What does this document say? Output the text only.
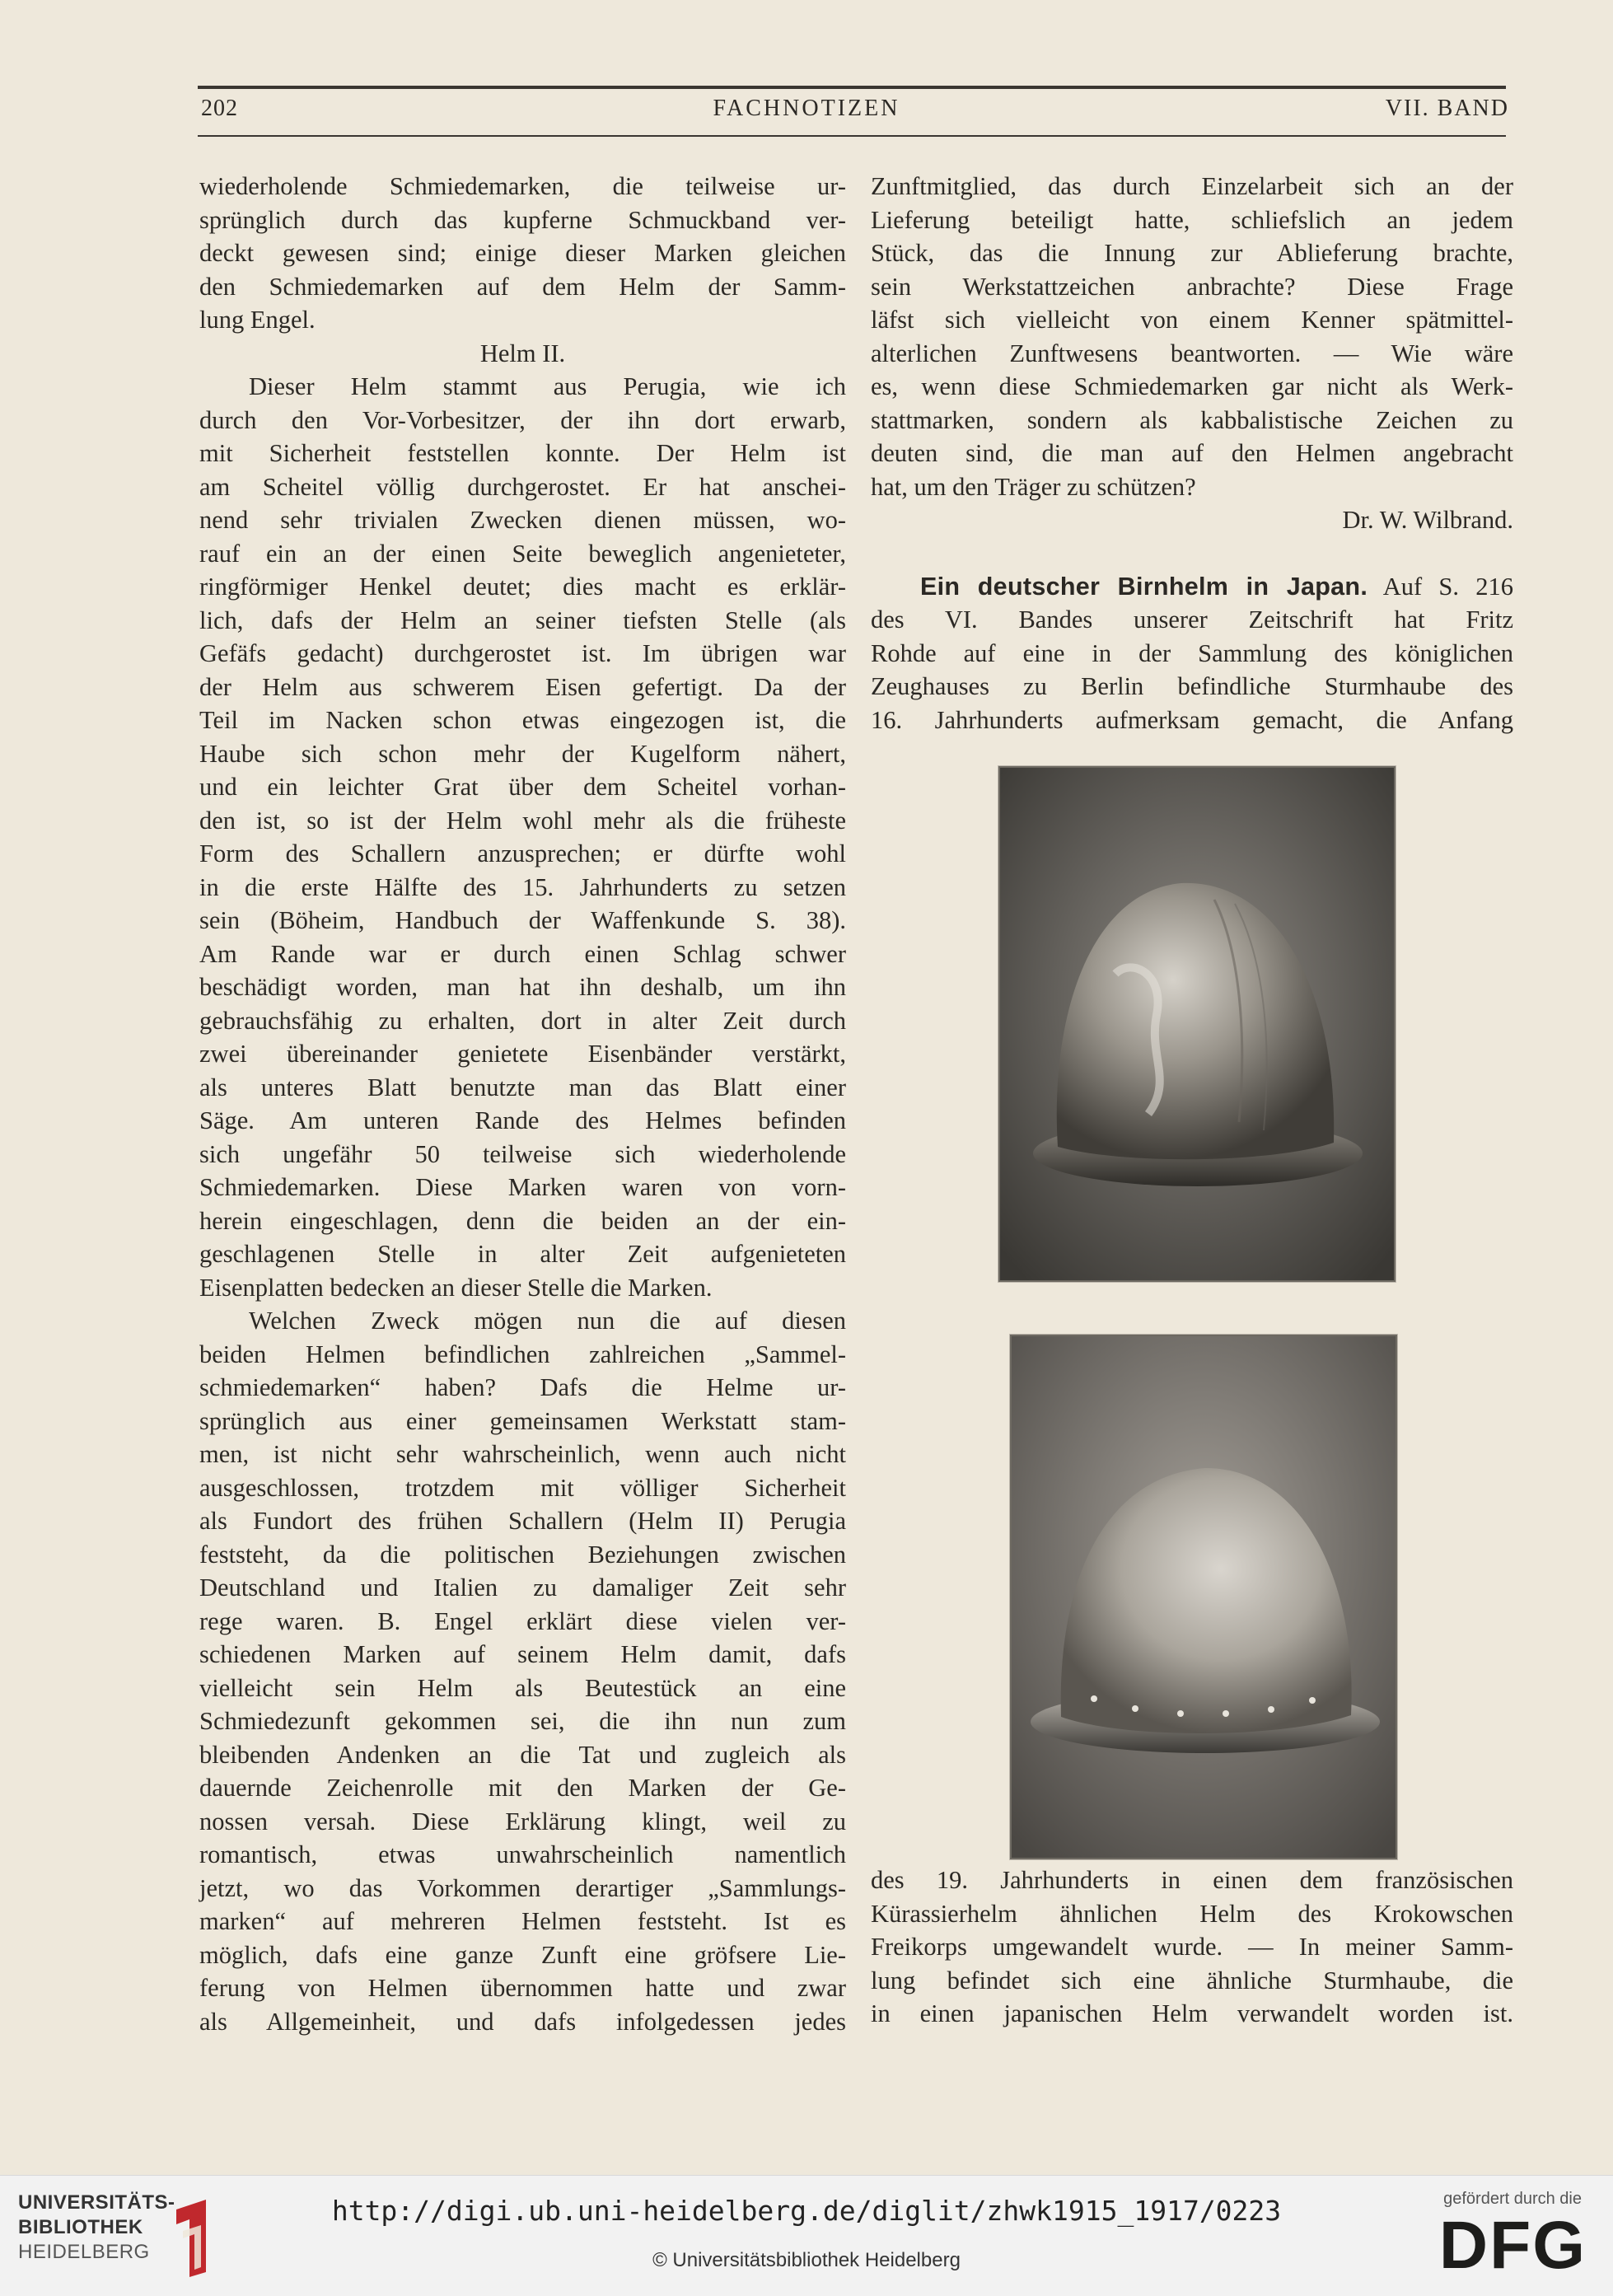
202	FACHNOTIZEN	VII. BAND

wiederholende Schmiedemarken, die teilweise ur-

sprünglich durch das kupferne Schmuckband ver-

deckt gewesen sind; einige dieser Marken gleichen

den Schmiedemarken auf dem Helm der Samm-

lung Engel.

Helm II.

Dieser Helm stammt aus Perugia, wie ich

durch den Vor-Vorbesitzer, der ihn dort erwarb,

mit Sicherheit feststellen konnte. Der Helm ist

am Scheitel völlig durchgerostet. Er hat anschei-

nend sehr trivialen Zwecken dienen müssen, wo-

rauf ein an der einen Seite beweglich angenieteter,

ringförmiger Henkel deutet; dies macht es erklär-

lich, dafs der Helm an seiner tiefsten Stelle (als

Gefäfs gedacht) durchgerostet ist. Im übrigen war

der Helm aus schwerem Eisen gefertigt. Da der

Teil im Nacken schon etwas eingezogen ist, die

Haube sich schon mehr der Kugelform nähert,

und ein leichter Grat über dem Scheitel vorhan-

den ist, so ist der Helm wohl mehr als die früheste

Form des Schallern anzusprechen; er dürfte wohl

in die erste Hälfte des 15. Jahrhunderts zu setzen

sein (Böheim, Handbuch der Waffenkunde S. 38).

Am Rande war er durch einen Schlag schwer

beschädigt worden, man hat ihn deshalb, um ihn

gebrauchsfähig zu erhalten, dort in alter Zeit durch

zwei übereinander genietete Eisenbänder verstärkt,

als unteres Blatt benutzte man das Blatt einer

Säge. Am unteren Rande des Helmes befinden

sich ungefähr 50 teilweise sich wiederholende

Schmiedemarken. Diese Marken waren von vorn-

herein eingeschlagen, denn die beiden an der ein-

geschlagenen Stelle in alter Zeit aufgenieteten

Eisenplatten bedecken an dieser Stelle die Marken.

Welchen Zweck mögen nun die auf diesen

beiden Helmen befindlichen zahlreichen „Sammel-

schmiedemarken“ haben? Dafs die Helme ur-

sprünglich aus einer gemeinsamen Werkstatt stam-

men, ist nicht sehr wahrscheinlich, wenn auch nicht

ausgeschlossen, trotzdem mit völliger Sicherheit

als Fundort des frühen Schallern (Helm II) Perugia

feststeht, da die politischen Beziehungen zwischen

Deutschland und Italien zu damaliger Zeit sehr

rege waren. B. Engel erklärt diese vielen ver-

schiedenen Marken auf seinem Helm damit, dafs

vielleicht sein Helm als Beutestück an eine

Schmiedezunft gekommen sei, die ihn nun zum

bleibenden Andenken an die Tat und zugleich als

dauernde Zeichenrolle mit den Marken der Ge-

nossen versah. Diese Erklärung klingt, weil zu

romantisch, etwas unwahrscheinlich namentlich

jetzt, wo das Vorkommen derartiger „Sammlungs-

marken“ auf mehreren Helmen feststeht. Ist es

möglich, dafs eine ganze Zunft eine gröfsere Lie-

ferung von Helmen übernommen hatte und zwar

als Allgemeinheit, und dafs infolgedessen jedes

Zunftmitglied, das durch Einzelarbeit sich an der

Lieferung beteiligt hatte, schliefslich an jedem

Stück, das die Innung zur Ablieferung brachte,

sein Werkstattzeichen anbrachte? Diese Frage

läfst sich vielleicht von einem Kenner spätmittel-

alterlichen Zunftwesens beantworten. — Wie wäre

es, wenn diese Schmiedemarken gar nicht als Werk-

stattmarken, sondern als kabbalistische Zeichen zu

deuten sind, die man auf den Helmen angebracht

hat, um den Träger zu schützen?

Dr. W. Wilbrand.

Ein deutscher Birnhelm in Japan. Auf S. 216

des VI. Bandes unserer Zeitschrift hat Fritz

Rohde auf eine in der Sammlung des königlichen

Zeughauses zu Berlin befindliche Sturmhaube des

16. Jahrhunderts aufmerksam gemacht, die Anfang

des 19. Jahrhunderts in einen dem französischen

Kürassierhelm ähnlichen Helm des Krokowschen

Freikorps umgewandelt wurde. — In meiner Samm-

lung befindet sich eine ähnliche Sturmhaube, die

in einen japanischen Helm verwandelt worden ist.

UNIVERSITÄTS-
BIBLIOTHEK
HEIDELBERG
http://digi.ub.uni-heidelberg.de/diglit/zhwk1915_1917/0223
© Universitätsbibliothek Heidelberg
gefördert durch die
DFG
